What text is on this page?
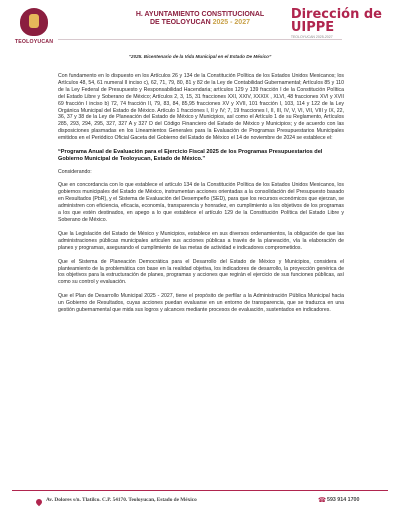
TEOLOYUCAN
H. AYUNTAMIENTO CONSTITUCIONAL
DE TEOLOYUCAN 2025 - 2027
Dirección de
UIPPE
TEOLOYUCAN 2025-2027
“2025. Bicentenario de la Vida Municipal en el Estado De México”

Con fundamento en lo dispuesto en los Artículos 26 y 134 de la Constitución Política de los Estados Unidos Mexicanos; los Artículos 48, 54, 61 numeral II inciso c), 62, 71, 79, 80, 81 y 82 de la Ley de Contabilidad Gubernamental; Artículos 85 y 110 de la Ley Federal de Presupuesto y Responsabilidad Hacendaria; artículos 129 y 139 fracción I de la Constitución Política del Estado Libre y Soberano de México; Artículos 2, 3, 15, 31 fracciones XXI, XXIV, XXXIX , XLVI, 48 fracciones XVI y XVII 69 fracción I inciso b) 72, 74 fracción II, 79, 83, 84, 85,95 fracciones XV y XVII, 101 fracción I, 103, 114 y 122 de la Ley Orgánica Municipal del Estado de México. Artículo 1 fracciones I, II y IV; 7, 19 fracciones I, II, III, IV, V, VI, VII, VIII y IX, 22, 36, 37 y 38 de la Ley de Planeación del Estado de México y Municipios, así como el Artículo 1 de su Reglamento, Artículos 285, 293, 294, 295, 327, 327 A y 327 D del Código Financiero del Estado de México y Municipios; y de acuerdo con las disposiciones plasmadas en los Lineamientos Generales para la Evaluación de Programas Presupuestarios Municipales emitidos en el Periódico Oficial Gaceta del Gobierno del Estado de México el 14 de noviembre de 2024 se establece el:

“Programa Anual de Evaluación para el Ejercicio Fiscal 2025 de los Programas Presupuestarios del Gobierno Municipal de Teoloyucan, Estado de México.”

Considerando:

Que en concordancia con lo que establece el artículo 134 de la Constitución Política de los Estados Unidos Mexicanos, los gobiernos municipales del Estado de México, instrumentan acciones orientadas a la consolidación del Presupuesto basado en Resultados (PbR), y el Sistema de Evaluación del Desempeño (SED), para que los recursos económicos que ejerzan, se administren con eficiencia, eficacia, economía, transparencia y honradez, en cumplimiento a los objetivos de los programas a los que estén destinados, en apego a lo que establece el artículo 129 de la Constitución Política del Estado Libre y Soberano de México.

Que la Legislación del Estado de México y Municipios, establece en sus diversos ordenamientos, la obligación de que las administraciones públicas municipales articulen sus acciones públicas a través de la planeación, vía la elaboración de planes y programas, asegurando el cumplimiento de las metas de actividad e indicadores comprometidos.

Que el Sistema de Planeación Democrática para el Desarrollo del Estado de México y Municipios, considera el planteamiento de la problemática con base en la realidad objetiva, los indicadores de desarrollo, la proyección genérica de los objetivos para la estructuración de planes, programas y acciones que regirán el ejercicio de sus funciones públicas, así como su control y evaluación.

Que el Plan de Desarrollo Municipal 2025 - 2027, tiene el propósito de perfilar a la Administración Pública Municipal hacia un Gobierno de Resultados, cuyas acciones puedan evaluarse en un entorno de transparencia, que se traduzca en una gestión gubernamental que mida sus logros y alcances mediante procesos de evaluación, sustentados en indicadores.

Av. Dolores s/n. Tlatilco. C.P. 54170. Teoloyucan, Estado de México	☎ 593 914 1700
